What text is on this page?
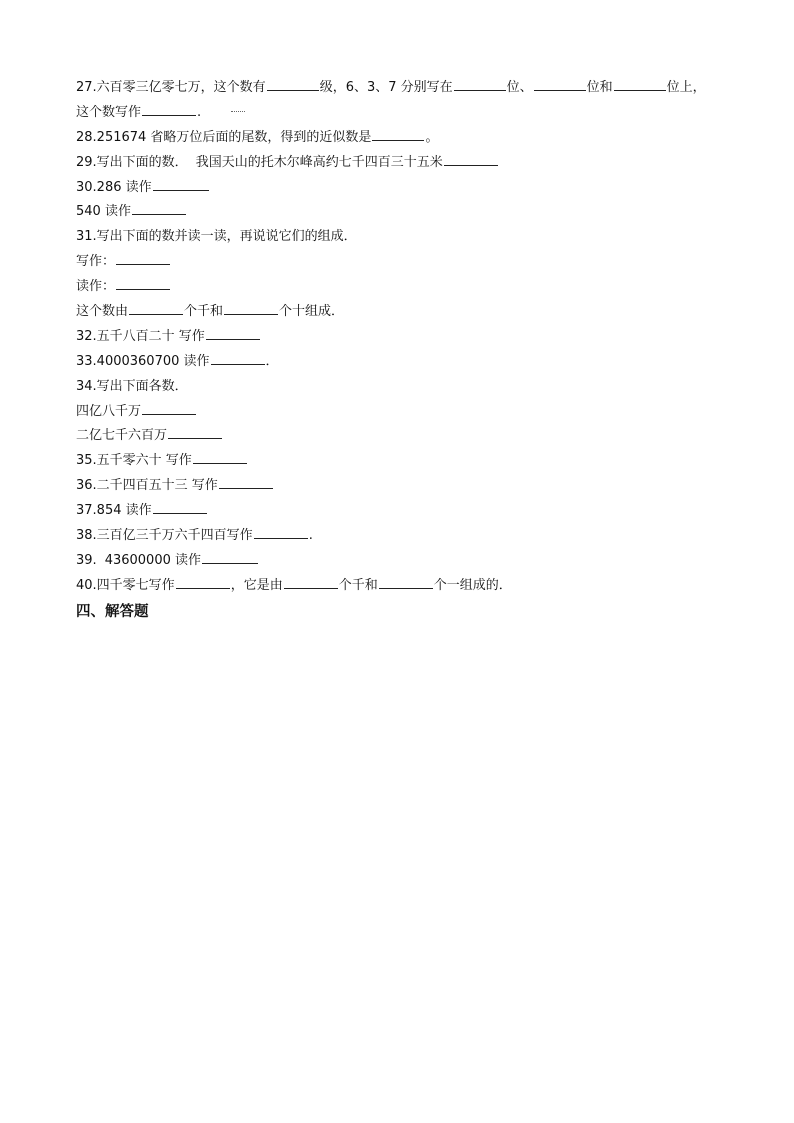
27.六百零三亿零七万，这个数有	级，6、3、7 分别写在	位、	位和	位上，
这个数写作	.
28.251674 省略万位后面的尾数，得到的近似数是	。
29.写出下面的数． 我国天山的托木尔峰高约七千四百三十五米
30.286 读作
540 读作
31.写出下面的数并读一读，再说说它们的组成．
写作：
读作：
这个数由	个千和	个十组成．
32.五千八百二十 写作
33.4000360700 读作	．
34.写出下面各数．
四亿八千万
二亿七千六百万
35.五千零六十 写作
36.二千四百五十三 写作
37.854 读作
38.三百亿三千万六千四百写作	.
39. 43600000 读作
40.四千零七写作	，它是由	个千和	个一组成的．
四、解答题
